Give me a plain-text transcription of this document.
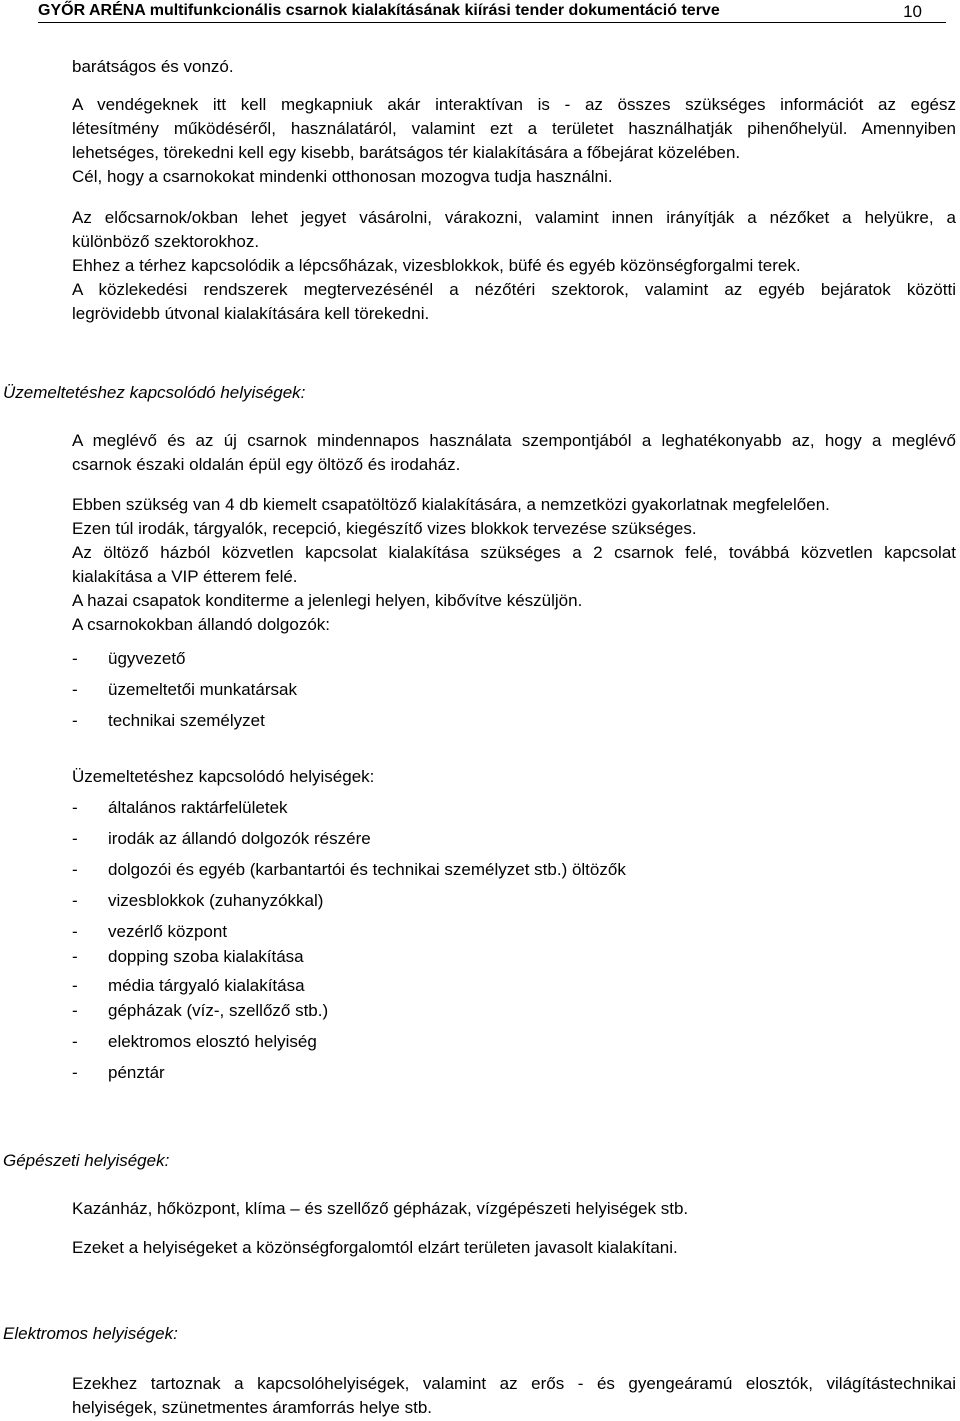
GYŐR ARÉNA multifunkcionális csarnok kialakításának kiírási tender dokumentáció terve	10

barátságos és vonzó.

A vendégeknek itt kell megkapniuk akár interaktívan is - az összes szükséges információt az egész
létesítmény működéséről, használatáról, valamint ezt a területet használhatják pihenőhelyül. Amennyiben
lehetséges, törekedni kell egy kisebb, barátságos tér kialakítására a főbejárat közelében.
Cél, hogy a csarnokokat mindenki otthonosan mozogva tudja használni.
Az előcsarnok/okban lehet jegyet vásárolni, várakozni, valamint innen irányítják a nézőket a helyükre, a
különböző szektorokhoz.
Ehhez a térhez kapcsolódik a lépcsőházak, vizesblokkok, büfé és egyéb közönségforgalmi terek.
A közlekedési rendszerek megtervezésénél a nézőtéri szektorok, valamint az egyéb bejáratok közötti
legrövidebb útvonal kialakítására kell törekedni.

Üzemeltetéshez kapcsolódó helyiségek:

A meglévő és az új csarnok mindennapos használata szempontjából a leghatékonyabb az, hogy a meglévő
csarnok északi oldalán épül egy öltöző és irodaház.
Ebben szükség van 4 db kiemelt csapatöltöző kialakítására, a nemzetközi gyakorlatnak megfelelően.
Ezen túl irodák, tárgyalók, recepció, kiegészítő vizes blokkok tervezése szükséges.
Az öltöző házból közvetlen kapcsolat kialakítása szükséges a 2 csarnok felé, továbbá közvetlen kapcsolat
kialakítása a VIP étterem felé.
A hazai csapatok konditerme a jelenlegi helyen, kibővítve készüljön.
A csarnokokban állandó dolgozók:
- ügyvezető
- üzemeltetői munkatársak
- technikai személyzet

Üzemeltetéshez kapcsolódó helyiségek:

- általános raktárfelületek
- irodák az állandó dolgozók részére
- dolgozói és egyéb (karbantartói és technikai személyzet stb.) öltözők
- vizesblokkok (zuhanyzókkal)
- vezérlő központ
- dopping szoba kialakítása
- média tárgyaló kialakítása
- gépházak (víz-, szellőző stb.)
- elektromos elosztó helyiség
- pénztár

Gépészeti helyiségek:

Kazánház, hőközpont, klíma – és szellőző gépházak, vízgépészeti helyiségek stb.

Ezeket a helyiségeket a közönségforgalomtól elzárt területen javasolt kialakítani.

Elektromos helyiségek:

Ezekhez tartoznak a kapcsolóhelyiségek, valamint az erős - és gyengeáramú elosztók, világítástechnikai
helyiségek, szünetmentes áramforrás helye stb.
